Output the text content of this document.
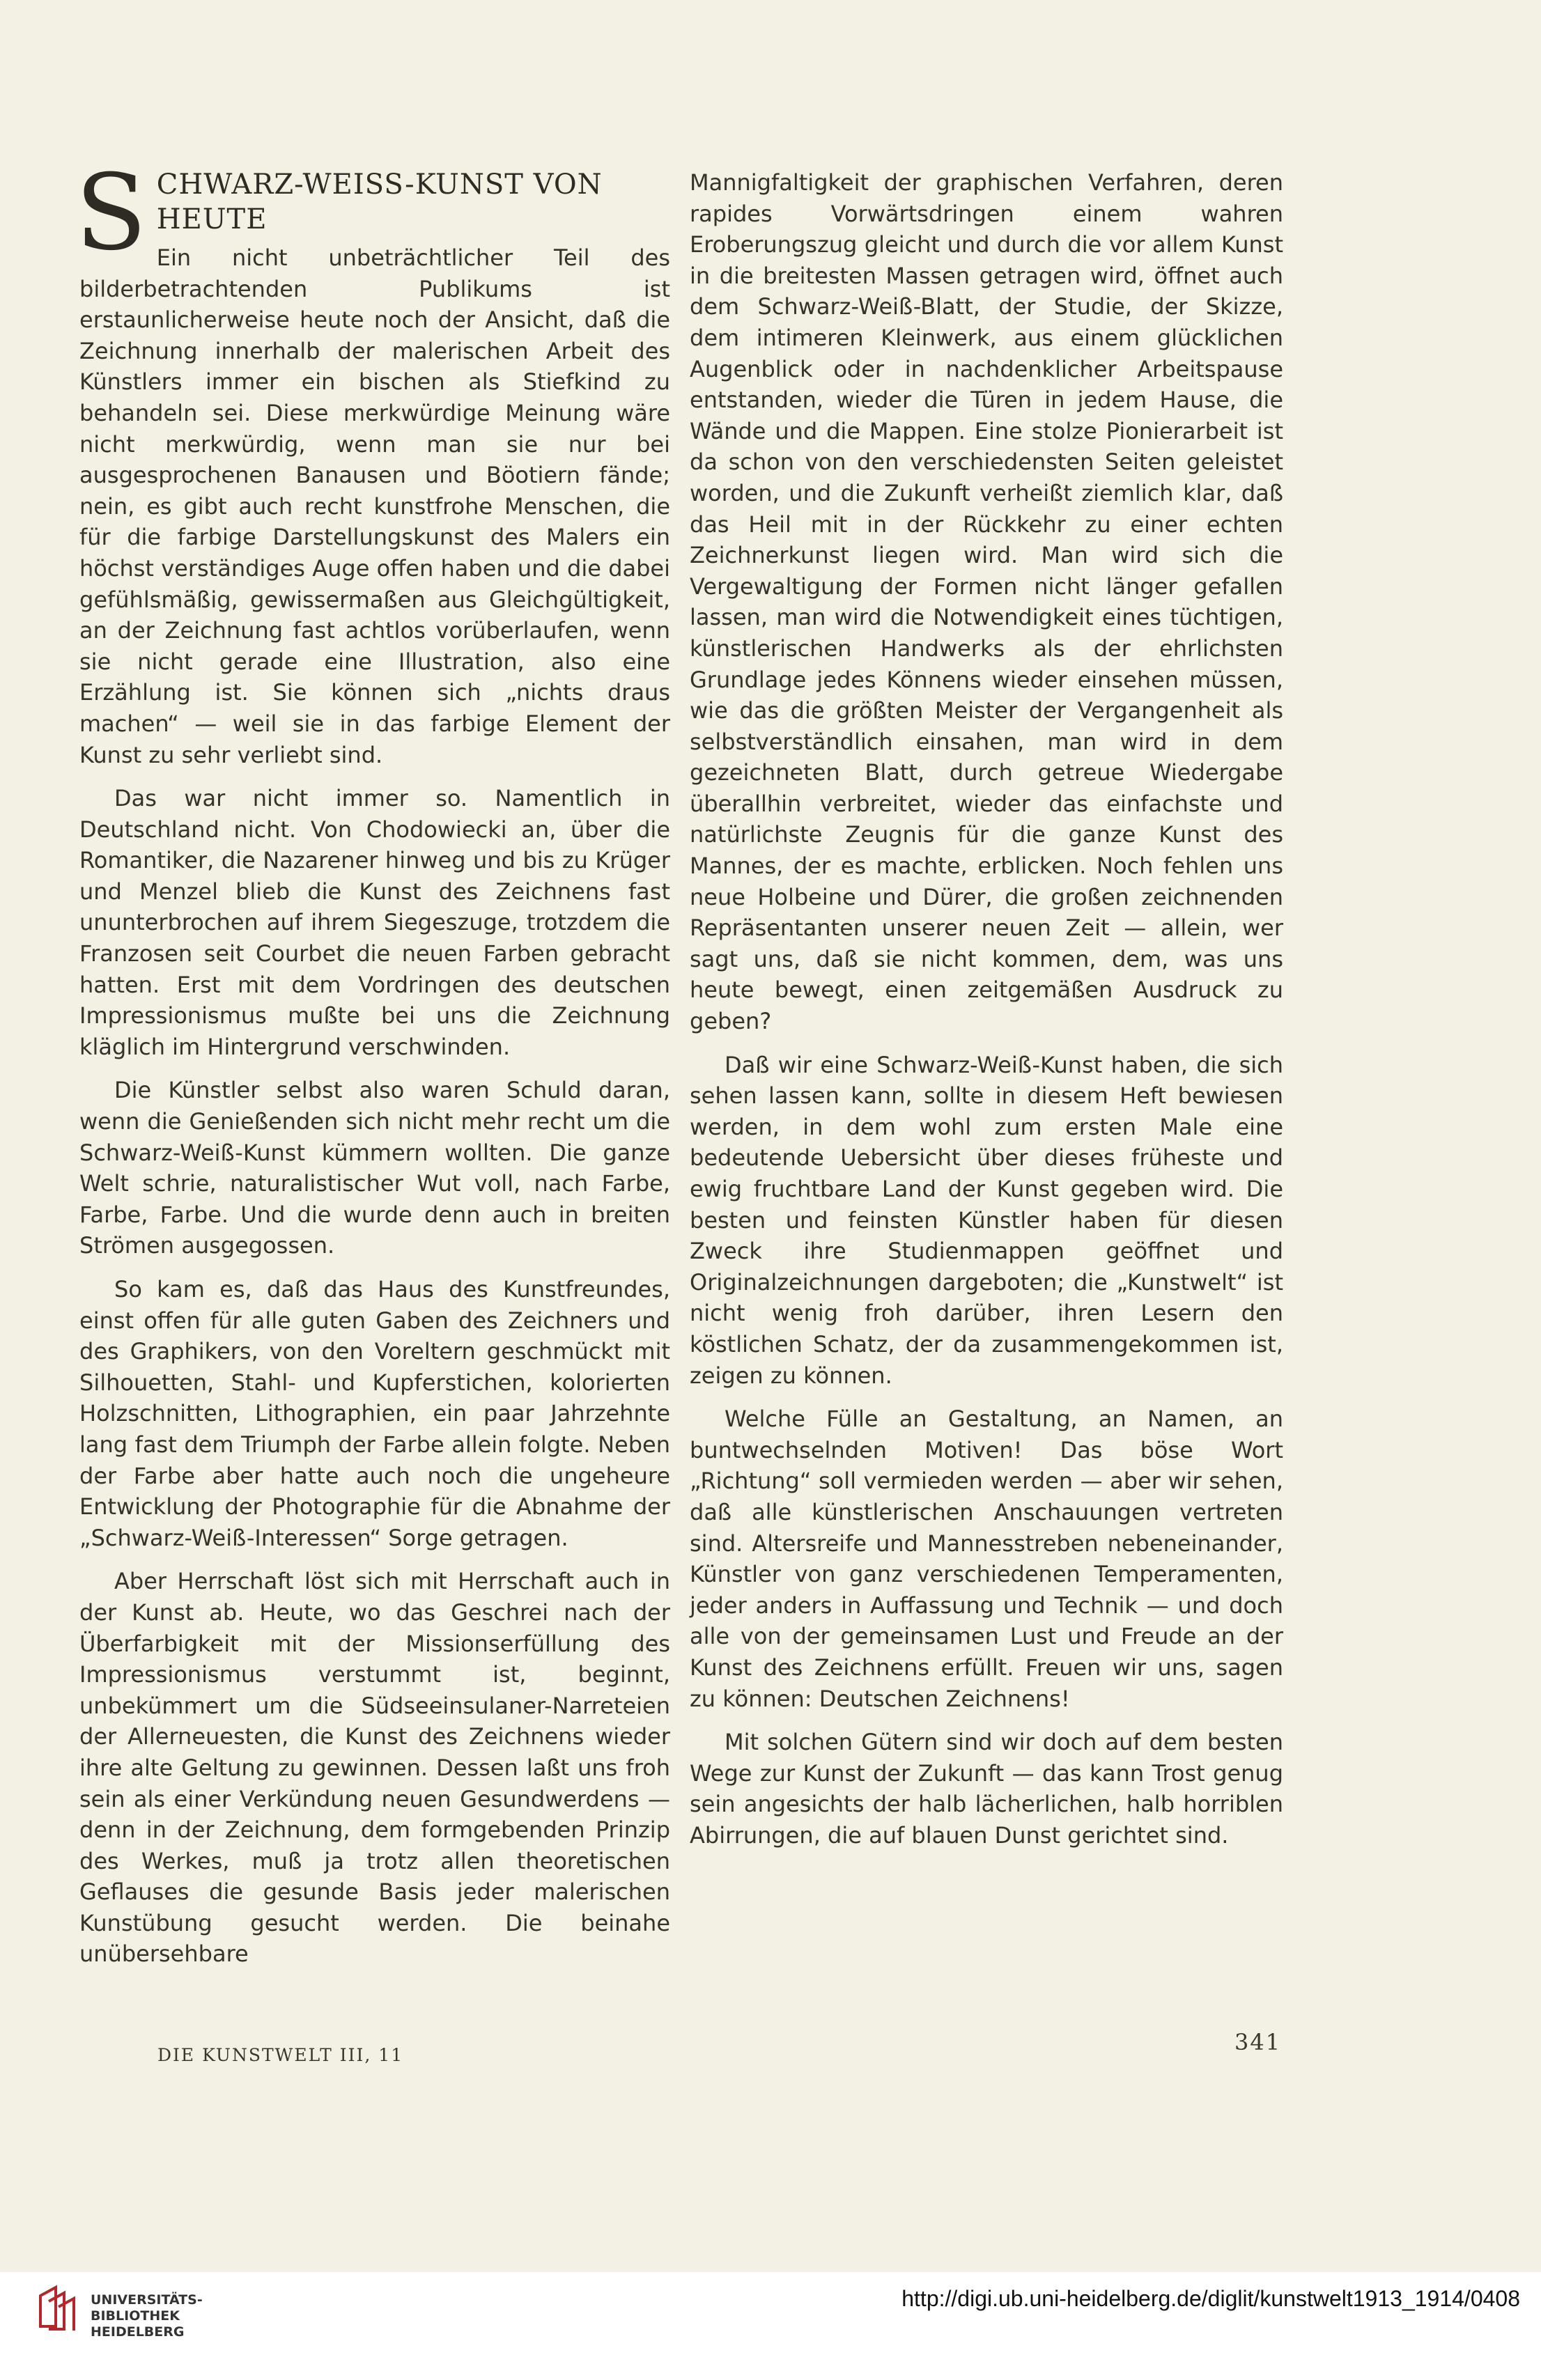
S CHWARZ-WEISS-KUNST VON HEUTE

Ein nicht unbeträchtlicher Teil des bilderbetrachtenden Publikums ist erstaunlicherweise heute noch der Ansicht, daß die Zeichnung innerhalb der malerischen Arbeit des Künstlers immer ein bischen als Stiefkind zu behandeln sei. Diese merkwürdige Meinung wäre nicht merkwürdig, wenn man sie nur bei ausgesprochenen Banausen und Böotiern fände; nein, es gibt auch recht kunstfrohe Menschen, die für die farbige Darstellungskunst des Malers ein höchst verständiges Auge offen haben und die dabei gefühlsmäßig, gewissermaßen aus Gleichgültigkeit, an der Zeichnung fast achtlos vorüberlaufen, wenn sie nicht gerade eine Illustration, also eine Erzählung ist. Sie können sich „nichts draus machen“ — weil sie in das farbige Element der Kunst zu sehr verliebt sind.

Das war nicht immer so. Namentlich in Deutschland nicht. Von Chodowiecki an, über die Romantiker, die Nazarener hinweg und bis zu Krüger und Menzel blieb die Kunst des Zeichnens fast ununterbrochen auf ihrem Siegeszuge, trotzdem die Franzosen seit Courbet die neuen Farben gebracht hatten. Erst mit dem Vordringen des deutschen Impressionismus mußte bei uns die Zeichnung kläglich im Hintergrund verschwinden.

Die Künstler selbst also waren Schuld daran, wenn die Genießenden sich nicht mehr recht um die Schwarz-Weiß-Kunst kümmern wollten. Die ganze Welt schrie, naturalistischer Wut voll, nach Farbe, Farbe, Farbe. Und die wurde denn auch in breiten Strömen ausgegossen.

So kam es, daß das Haus des Kunstfreundes, einst offen für alle guten Gaben des Zeichners und des Graphikers, von den Voreltern geschmückt mit Silhouetten, Stahl- und Kupferstichen, kolorierten Holzschnitten, Lithographien, ein paar Jahrzehnte lang fast dem Triumph der Farbe allein folgte. Neben der Farbe aber hatte auch noch die ungeheure Entwicklung der Photographie für die Abnahme der „Schwarz-Weiß-Interessen“ Sorge getragen.

Aber Herrschaft löst sich mit Herrschaft auch in der Kunst ab. Heute, wo das Geschrei nach der Überfarbigkeit mit der Missionserfüllung des Impressionismus verstummt ist, beginnt, unbekümmert um die Südseeinsulaner-Narreteien der Allerneuesten, die Kunst des Zeichnens wieder ihre alte Geltung zu gewinnen. Dessen laßt uns froh sein als einer Verkündung neuen Gesundwerdens — denn in der Zeichnung, dem formgebenden Prinzip des Werkes, muß ja trotz allen theoretischen Geflauses die gesunde Basis jeder malerischen Kunstübung gesucht werden. Die beinahe unübersehbare

Mannigfaltigkeit der graphischen Verfahren, deren rapides Vorwärtsdringen einem wahren Eroberungszug gleicht und durch die vor allem Kunst in die breitesten Massen getragen wird, öffnet auch dem Schwarz-Weiß-Blatt, der Studie, der Skizze, dem intimeren Kleinwerk, aus einem glücklichen Augenblick oder in nachdenklicher Arbeitspause entstanden, wieder die Türen in jedem Hause, die Wände und die Mappen. Eine stolze Pionierarbeit ist da schon von den verschiedensten Seiten geleistet worden, und die Zukunft verheißt ziemlich klar, daß das Heil mit in der Rückkehr zu einer echten Zeichnerkunst liegen wird. Man wird sich die Vergewaltigung der Formen nicht länger gefallen lassen, man wird die Notwendigkeit eines tüchtigen, künstlerischen Handwerks als der ehrlichsten Grundlage jedes Könnens wieder einsehen müssen, wie das die größten Meister der Vergangenheit als selbstverständlich einsahen, man wird in dem gezeichneten Blatt, durch getreue Wiedergabe überallhin verbreitet, wieder das einfachste und natürlichste Zeugnis für die ganze Kunst des Mannes, der es machte, erblicken. Noch fehlen uns neue Holbeine und Dürer, die großen zeichnenden Repräsentanten unserer neuen Zeit — allein, wer sagt uns, daß sie nicht kommen, dem, was uns heute bewegt, einen zeitgemäßen Ausdruck zu geben?

Daß wir eine Schwarz-Weiß-Kunst haben, die sich sehen lassen kann, sollte in diesem Heft bewiesen werden, in dem wohl zum ersten Male eine bedeutende Uebersicht über dieses früheste und ewig fruchtbare Land der Kunst gegeben wird. Die besten und feinsten Künstler haben für diesen Zweck ihre Studienmappen geöffnet und Originalzeichnungen dargeboten; die „Kunstwelt“ ist nicht wenig froh darüber, ihren Lesern den köstlichen Schatz, der da zusammengekommen ist, zeigen zu können.

Welche Fülle an Gestaltung, an Namen, an buntwechselnden Motiven! Das böse Wort „Richtung“ soll vermieden werden — aber wir sehen, daß alle künstlerischen Anschauungen vertreten sind. Altersreife und Mannesstreben nebeneinander, Künstler von ganz verschiedenen Temperamenten, jeder anders in Auffassung und Technik — und doch alle von der gemeinsamen Lust und Freude an der Kunst des Zeichnens erfüllt. Freuen wir uns, sagen zu können: Deutschen Zeichnens!

Mit solchen Gütern sind wir doch auf dem besten Wege zur Kunst der Zukunft — das kann Trost genug sein angesichts der halb lächerlichen, halb horriblen Abirrungen, die auf blauen Dunst gerichtet sind.

DIE KUNSTWELT III, 11	341
UNIVERSITÄTS-
BIBLIOTHEK
HEIDELBERG
http://digi.ub.uni-heidelberg.de/diglit/kunstwelt1913_1914/0408
